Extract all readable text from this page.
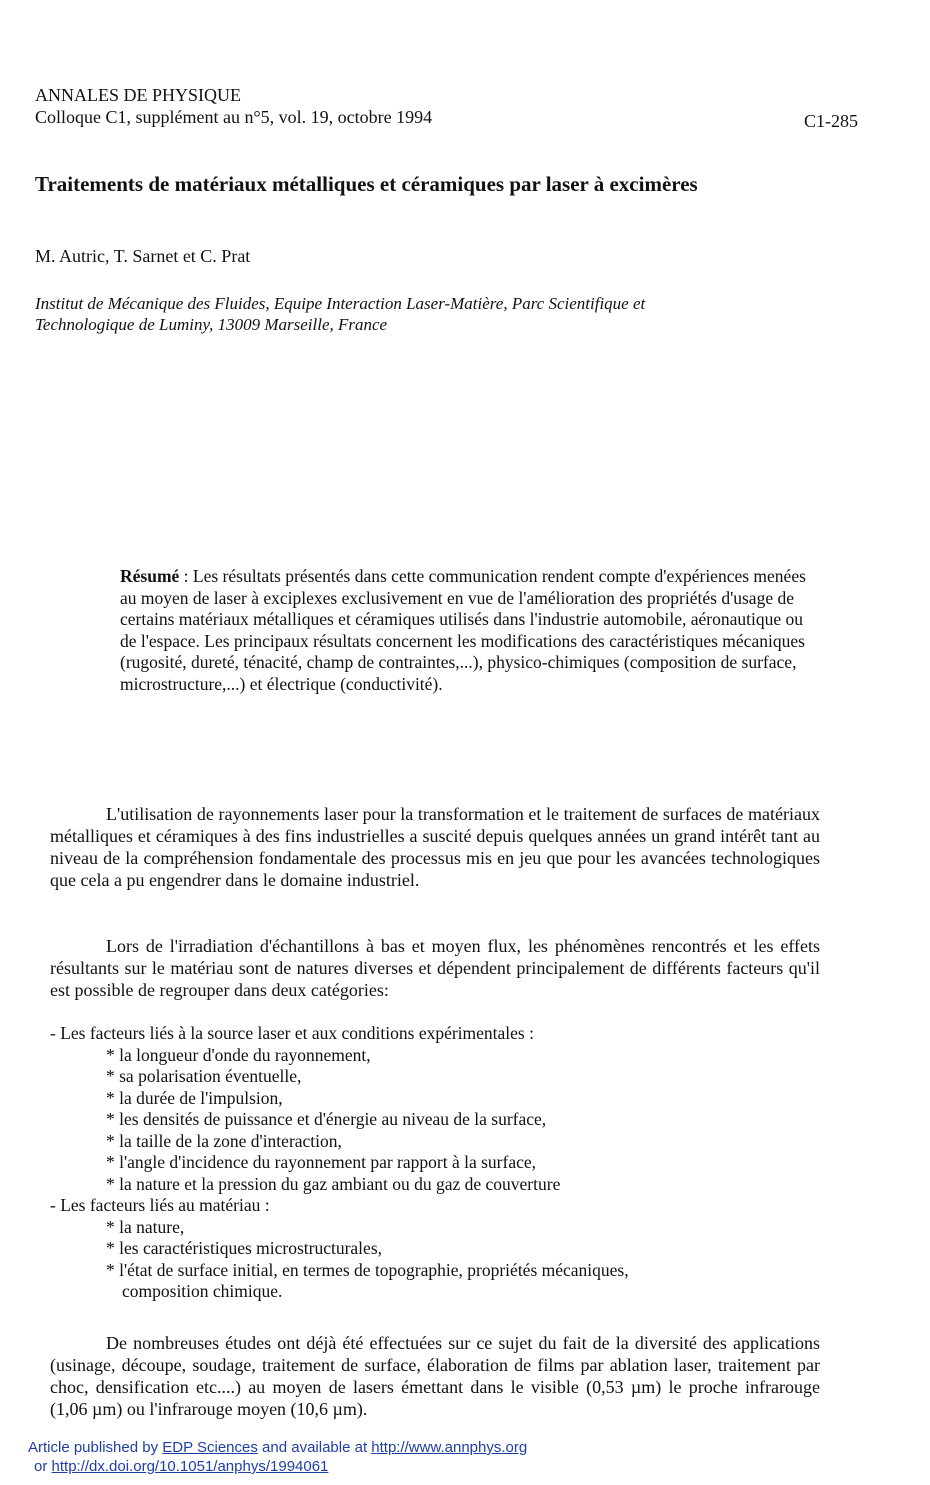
ANNALES DE PHYSIQUE
Colloque C1, supplément au n°5, vol. 19, octobre 1994	C1-285
Traitements de matériaux métalliques et céramiques par laser à excimères
M. Autric, T. Sarnet et C. Prat
Institut de Mécanique des Fluides, Equipe Interaction Laser-Matière, Parc Scientifique et
Technologique de Luminy, 13009 Marseille, France
Résumé : Les résultats présentés dans cette communication rendent compte d'expériences menées au moyen de laser à exciplexes exclusivement en vue de l'amélioration des propriétés d'usage de certains matériaux métalliques et céramiques utilisés dans l'industrie automobile, aéronautique ou de l'espace. Les principaux résultats concernent les modifications des caractéristiques mécaniques (rugosité, dureté, ténacité, champ de contraintes,...), physico-chimiques (composition de surface, microstructure,...) et électrique (conductivité).
L'utilisation de rayonnements laser pour la transformation et le traitement de surfaces de matériaux métalliques et céramiques à des fins industrielles a suscité depuis quelques années un grand intérêt tant au niveau de la compréhension fondamentale des processus mis en jeu que pour les avancées technologiques que cela a pu engendrer dans le domaine industriel.
Lors de l'irradiation d'échantillons à bas et moyen flux, les phénomènes rencontrés et les effets résultants sur le matériau sont de natures diverses et dépendent principalement de différents facteurs qu'il est possible de regrouper dans deux catégories:
- Les facteurs liés à la source laser et aux conditions expérimentales :
* la longueur d'onde du rayonnement,
* sa polarisation éventuelle,
* la durée de l'impulsion,
* les densités de puissance et d'énergie au niveau de la surface,
* la taille de la zone d'interaction,
* l'angle d'incidence du rayonnement par rapport à la surface,
* la nature et la pression du gaz ambiant ou du gaz de couverture
- Les facteurs liés au matériau :
* la nature,
* les caractéristiques microstructurales,
* l'état de surface initial, en termes de topographie, propriétés mécaniques,
composition chimique.
De nombreuses études ont déjà été effectuées sur ce sujet du fait de la diversité des applications (usinage, découpe, soudage, traitement de surface, élaboration de films par ablation laser, traitement par choc, densification etc....) au moyen de lasers émettant dans le visible (0,53 µm) le proche infrarouge (1,06 µm) ou l'infrarouge moyen (10,6 µm).
Article published by EDP Sciences and available at http://www.annphys.org
or http://dx.doi.org/10.1051/anphys/1994061
